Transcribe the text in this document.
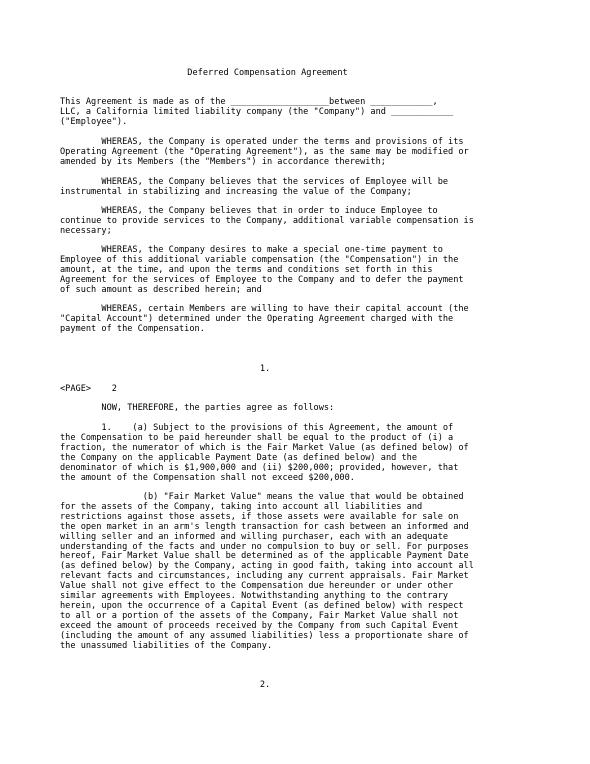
Deferred Compensation Agreement
This Agreement is made as of the ___________________between ____________,
LLC, a California limited liability company (the "Company") and ____________
("Employee").
WHEREAS, the Company is operated under the terms and provisions of its
Operating Agreement (the "Operating Agreement"), as the same may be modified or
amended by its Members (the "Members") in accordance therewith;
WHEREAS, the Company believes that the services of Employee will be
instrumental in stabilizing and increasing the value of the Company;
WHEREAS, the Company believes that in order to induce Employee to
continue to provide services to the Company, additional variable compensation is
necessary;
WHEREAS, the Company desires to make a special one-time payment to
Employee of this additional variable compensation (the "Compensation") in the
amount, at the time, and upon the terms and conditions set forth in this
Agreement for the services of Employee to the Company and to defer the payment
of such amount as described herein; and
WHEREAS, certain Members are willing to have their capital account (the
"Capital Account") determined under the Operating Agreement charged with the
payment of the Compensation.
1.
<PAGE>    2
NOW, THEREFORE, the parties agree as follows:
1.    (a) Subject to the provisions of this Agreement, the amount of
the Compensation to be paid hereunder shall be equal to the product of (i) a
fraction, the numerator of which is the Fair Market Value (as defined below) of
the Company on the applicable Payment Date (as defined below) and the
denominator of which is $1,900,000 and (ii) $200,000; provided, however, that
the amount of the Compensation shall not exceed $200,000.
(b) "Fair Market Value" means the value that would be obtained
for the assets of the Company, taking into account all liabilities and
restrictions against those assets, if those assets were available for sale on
the open market in an arm's length transaction for cash between an informed and
willing seller and an informed and willing purchaser, each with an adequate
understanding of the facts and under no compulsion to buy or sell. For purposes
hereof, Fair Market Value shall be determined as of the applicable Payment Date
(as defined below) by the Company, acting in good faith, taking into account all
relevant facts and circumstances, including any current appraisals. Fair Market
Value shall not give effect to the Compensation due hereunder or under other
similar agreements with Employees. Notwithstanding anything to the contrary
herein, upon the occurrence of a Capital Event (as defined below) with respect
to all or a portion of the assets of the Company, Fair Market Value shall not
exceed the amount of proceeds received by the Company from such Capital Event
(including the amount of any assumed liabilities) less a proportionate share of
the unassumed liabilities of the Company.
2.
